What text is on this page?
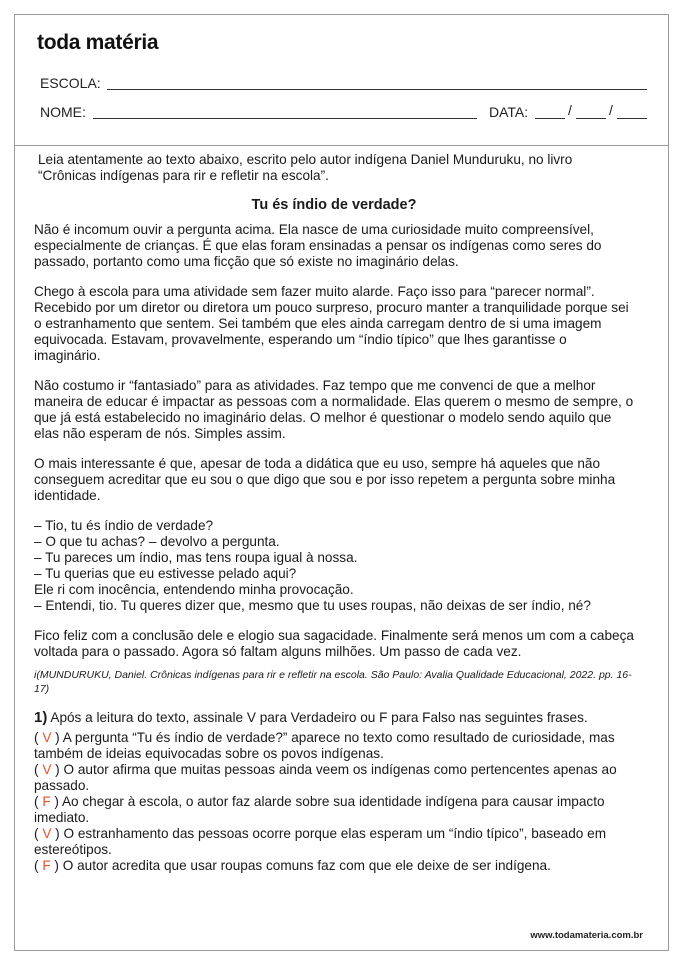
toda matéria
ESCOLA:
NOME:	DATA:	/	/

Leia atentamente ao texto abaixo, escrito pelo autor indígena Daniel Munduruku, no livro “Crônicas indígenas para rir e refletir na escola”.

Tu és índio de verdade?

Não é incomum ouvir a pergunta acima. Ela nasce de uma curiosidade muito compreensível, especialmente de crianças. É que elas foram ensinadas a pensar os indígenas como seres do passado, portanto como uma ficção que só existe no imaginário delas.

Chego à escola para uma atividade sem fazer muito alarde. Faço isso para “parecer normal”. Recebido por um diretor ou diretora um pouco surpreso, procuro manter a tranquilidade porque sei o estranhamento que sentem. Sei também que eles ainda carregam dentro de si uma imagem equivocada. Estavam, provavelmente, esperando um “índio típico” que lhes garantisse o imaginário.

Não costumo ir “fantasiado” para as atividades. Faz tempo que me convenci de que a melhor maneira de educar é impactar as pessoas com a normalidade. Elas querem o mesmo de sempre, o que já está estabelecido no imaginário delas. O melhor é questionar o modelo sendo aquilo que elas não esperam de nós. Simples assim.

O mais interessante é que, apesar de toda a didática que eu uso, sempre há aqueles que não conseguem acreditar que eu sou o que digo que sou e por isso repetem a pergunta sobre minha identidade.

– Tio, tu és índio de verdade?

– O que tu achas? – devolvo a pergunta.

– Tu pareces um índio, mas tens roupa igual à nossa.

– Tu querias que eu estivesse pelado aqui?

Ele ri com inocência, entendendo minha provocação.

– Entendi, tio. Tu queres dizer que, mesmo que tu uses roupas, não deixas de ser índio, né?

Fico feliz com a conclusão dele e elogio sua sagacidade. Finalmente será menos um com a cabeça voltada para o passado. Agora só faltam alguns milhões. Um passo de cada vez.

i(MUNDURUKU, Daniel. Crônicas indígenas para rir e refletir na escola. São Paulo: Avalia Qualidade Educacional, 2022. pp. 16-17)

1) Após a leitura do texto, assinale V para Verdadeiro ou F para Falso nas seguintes frases.

( V ) A pergunta “Tu és índio de verdade?” aparece no texto como resultado de curiosidade, mas também de ideias equivocadas sobre os povos indígenas.

( V ) O autor afirma que muitas pessoas ainda veem os indígenas como pertencentes apenas ao passado.

( F ) Ao chegar à escola, o autor faz alarde sobre sua identidade indígena para causar impacto imediato.

( V ) O estranhamento das pessoas ocorre porque elas esperam um “índio típico”, baseado em estereótipos.

( F ) O autor acredita que usar roupas comuns faz com que ele deixe de ser indígena.

www.todamateria.com.br
